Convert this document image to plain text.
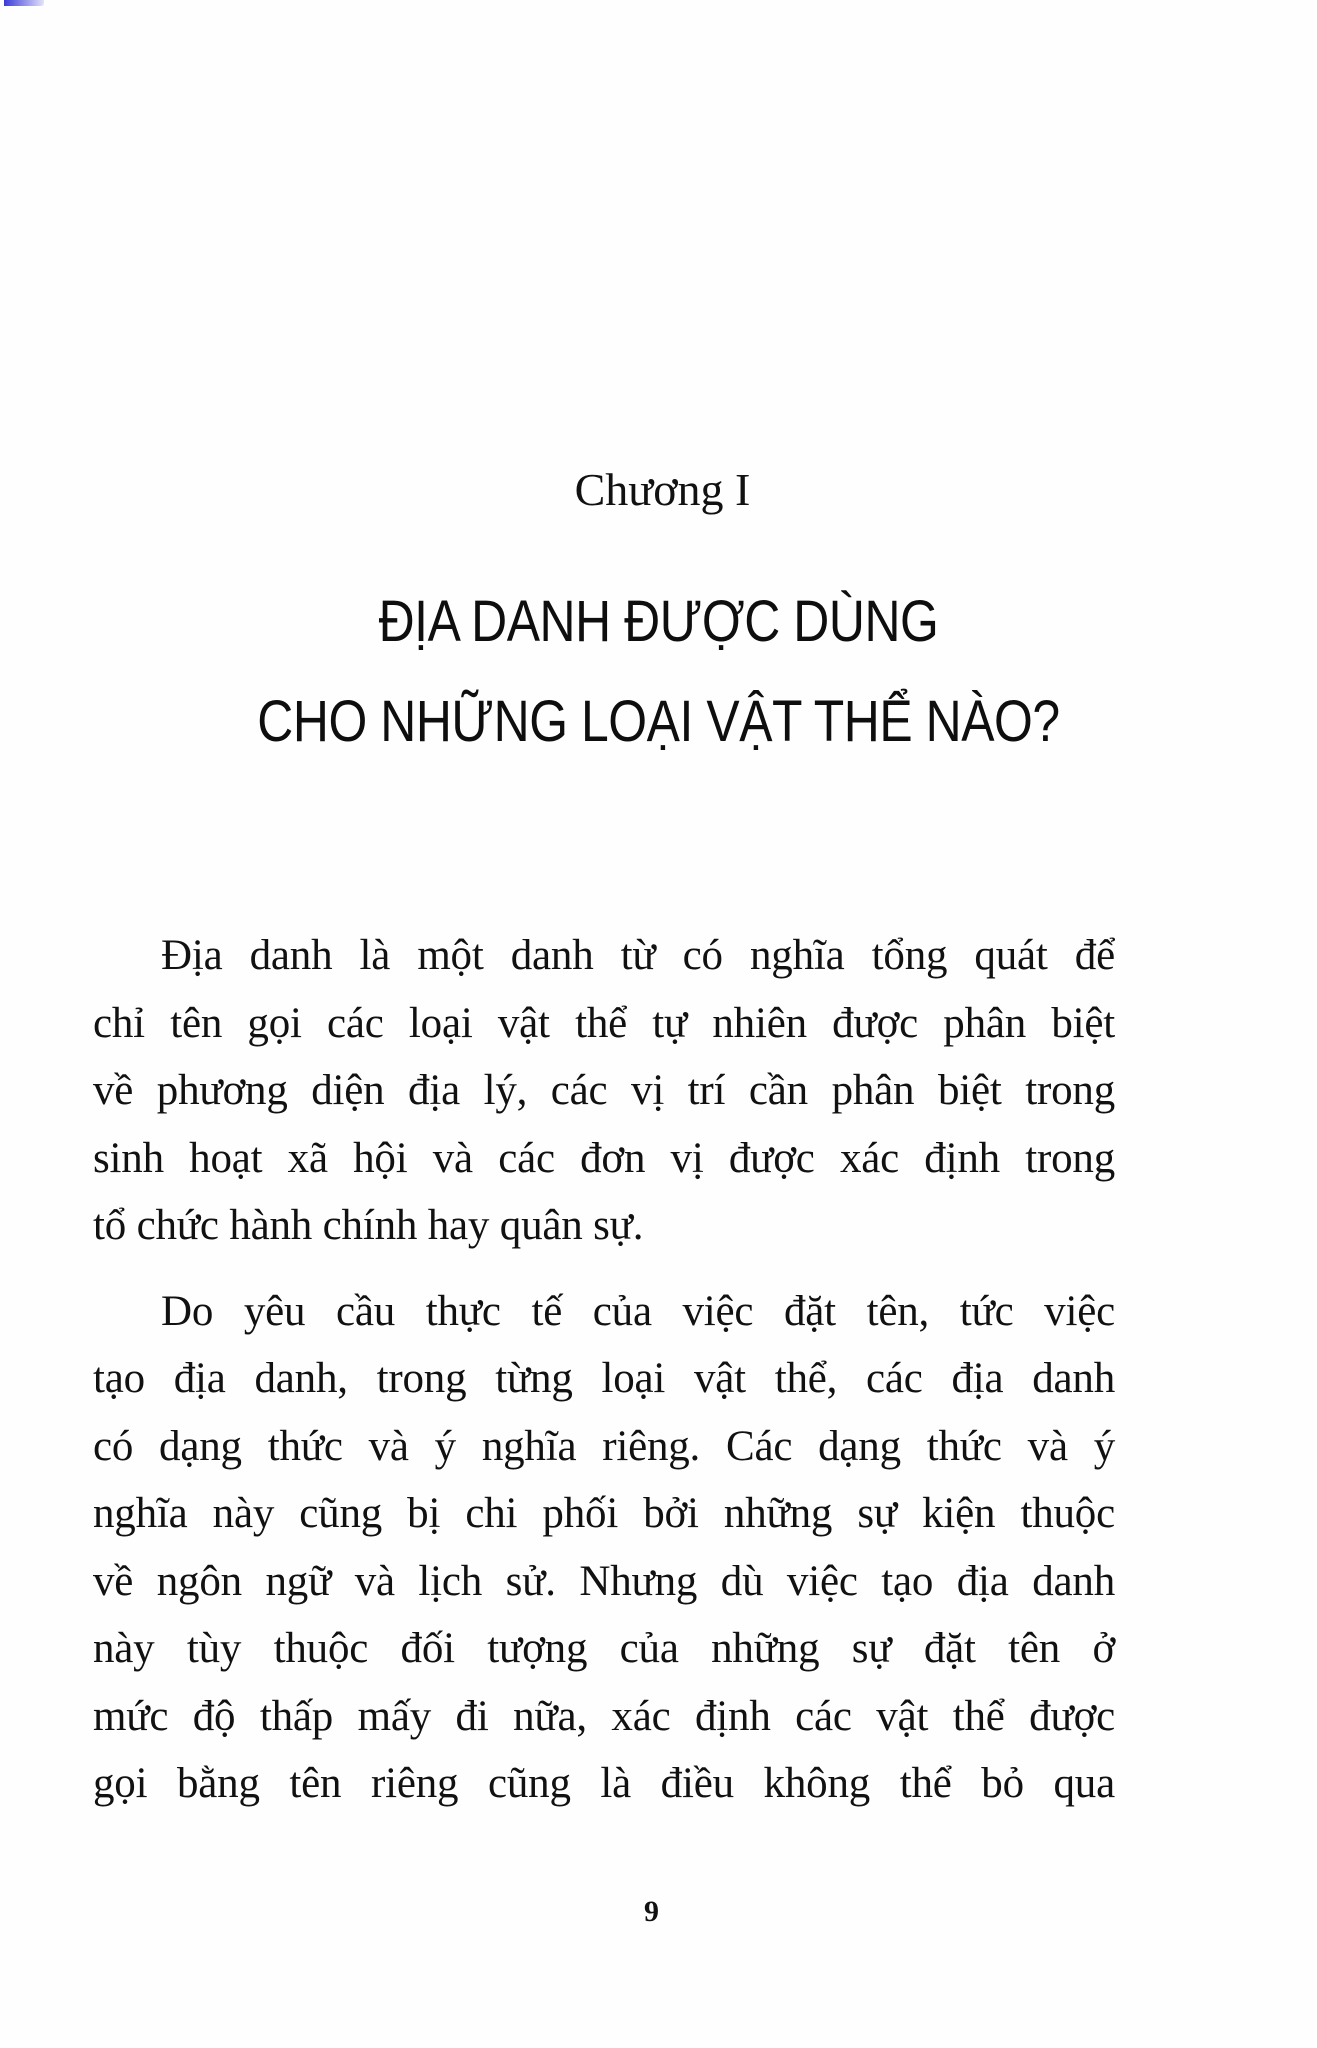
Chương I
ĐỊA DANH ĐƯỢC DÙNG
CHO NHỮNG LOẠI VẬT THỂ NÀO?
Địa danh là một danh từ có nghĩa tổng quát để
chỉ tên gọi các loại vật thể tự nhiên được phân biệt
về phương diện địa lý, các vị trí cần phân biệt trong
sinh hoạt xã hội và các đơn vị được xác định trong
tổ chức hành chính hay quân sự.
Do yêu cầu thực tế của việc đặt tên, tức việc
tạo địa danh, trong từng loại vật thể, các địa danh
có dạng thức và ý nghĩa riêng. Các dạng thức và ý
nghĩa này cũng bị chi phối bởi những sự kiện thuộc
về ngôn ngữ và lịch sử. Nhưng dù việc tạo địa danh
này tùy thuộc đối tượng của những sự đặt tên ở
mức độ thấp mấy đi nữa, xác định các vật thể được
gọi bằng tên riêng cũng là điều không thể bỏ qua
9
